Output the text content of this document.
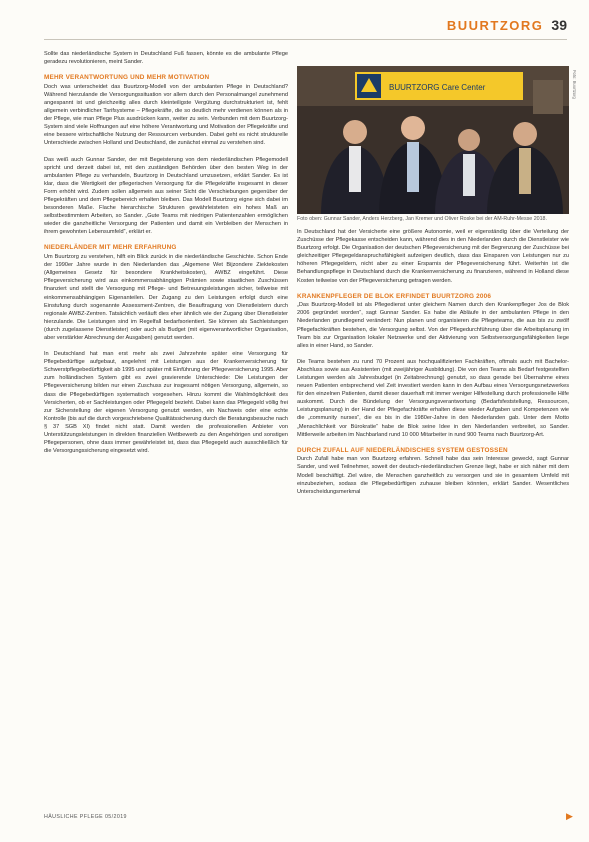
BUURTZORG 39

Sollte das niederländische System in Deutschland Fuß fassen, könnte es die ambulante Pflege geradezu revolutionieren, meint Sander.

MEHR VERANTWORTUNG UND MEHR MOTIVATION

Doch was unterscheidet das Buurtzorg-Modell von der ambulanten Pflege in Deutschland? Während hierzulande die Versorgungssituation vor allem durch den Personalmangel zunehmend angespannt ist und gleichzeitig alles durch kleinteiligste Vergütung durchstrukturiert ist, fehlt allgemein verbindlicher Tarifsysteme – Pflegekräfte, die so deutlich mehr verdienen können als in der Pflege, wie man Pflege Plus ausdrücken kann, weiter zu sein. Verbunden mit dem Buurtzorg-System sind viele Hoffnungen auf eine höhere Verantwortung und Motivation der Pflegekräfte und eine bessere wirtschaftliche Nutzung der Ressourcen verbunden. Dabei geht es nicht strukturelle Unterschiede zwischen Holland und Deutschland, die zunächst einmal zu verstehen sind.

Das weiß auch Gunnar Sander, der mit Begeisterung von dem niederländischen Pflegemodell spricht und derzeit dabei ist, mit den zuständigen Behörden über den besten Weg in der ambulanten Pflege zu verhandeln, Buurtzorg in Deutschland umzusetzen, erklärt Sander. Es ist klar, dass die Wertigkeit der pflegerischen Versorgung für die Pflegekräfte insgesamt in dieser Form erhöht wird. Zudem sollen allgemein aus seiner Sicht die Verschiebungen gegenüber der Pflegekräften und dem Pflegebereich erhalten bleiben. Das Modell Buurtzorg eigne sich dabei im besonderen Maße. Flache hierarchische Strukturen gewährleisteten ein hohes Maß an selbstbestimmtem Arbeiten, so Sander. „Gute Teams mit niedrigen Patientenzahlen ermöglichen wieder die ganzheitliche Versorgung der Patienten und damit ein Verbleiben der Menschen in ihrem gewohnten Lebensumfeld“, erklärt er.

NIEDERLÄNDER MIT MEHR ERFAHRUNG

Um Buurtzorg zu verstehen, hilft ein Blick zurück in die niederländische Geschichte. Schon Ende der 1990er Jahre wurde in den Niederlanden das „Algemene Wet Bijzondere Ziektekosten (Allgemeines Gesetz für besondere Krankheitskosten), AWBZ eingeführt. Diese Pflegeversicherung wird aus einkommensabhängigen Prämien sowie staatlichen Zuschüssen finanziert und stellt die Versorgung mit Pflege- und Betreuungsleistungen sicher, teilweise mit einkommensabhängigen Eigenanteilen. Der Zugang zu den Leistungen erfolgt durch eine Einstufung durch sogenannte Assessment-Zentren, die Beauftragung von Dienstleistern durch regionale AWBZ-Zentren. Tatsächlich verläuft dies eher ähnlich wie der Zugang über Dienstleister hierzulande. Die Leistungen sind im Regelfall bedarfsorientiert. Sie können als Sachleistungen (durch zugelassene Dienstleister) oder auch als Budget (mit eigenverantwortlicher Organisation, aber verstärkter Abrechnung der Ausgaben) genutzt werden.

In Deutschland hat man erst mehr als zwei Jahrzehnte später eine Versorgung für Pflegebedürftige aufgebaut, angelehnt mit Leistungen aus der Krankenversicherung für Schwerstpflegebedürftigkeit ab 1995 und später mit Einführung der Pflegeversicherung 1995. Aber zum holländischen System gibt es zwei gravierende Unterschiede: Die Leistungen der Pflegeversicherung bilden nur einen Zuschuss zur insgesamt nötigen Versorgung, allgemein, so dass die Pflegebedürftigen systematisch vorgesehen. Hinzu kommt die Wahlmöglichkeit des Versicherten, ob er Sachleistungen oder Pflegegeld bezieht. Dabei kann das Pflegegeld völlig frei zur Sicherstellung der eigenen Versorgung genutzt werden, ein Nachweis oder eine echte Kontrolle (bis auf die durch vorgeschriebene Qualitätssicherung durch die Beratungsbesuche nach § 37 SGB XI) findet nicht statt. Damit werden die professionellen Anbieter von Unterstützungsleistungen in direkten finanziellen Wettbewerb zu den Angehörigen und sonstigen Pflegepersonen, ohne dass immer gewährleistet ist, dass das Pflegegeld auch ausschließlich für die Versorgungssicherung eingesetzt wird.

BUURTZORG Care Center	Foto: Buurtzorg
Foto oben: Gunnar Sander, Anders Herzberg, Jan Kremer und Oliver Roske bei der AM-Ruhr-Messe 2018.

In Deutschland hat der Versicherte eine größere Autonomie, weil er eigenständig über die Verteilung der Zuschüsse der Pflegekasse entscheiden kann, während dies in den Niederlanden durch die Dienstleister wie Buurtzorg erfolgt. Die Organisation der deutschen Pflegeversicherung mit der Begrenzung der Zuschüsse bei gleichzeitiger Pflegegeldanspruchsfähigkeit aufzeigen deutlich, dass das Einsparen von Leistungen nur zu höheren Pflegegeldern, nicht aber zu einer Ersparnis der Pflegeversicherung führt. Weiterhin ist die Behandlungspflege in Deutschland durch die Krankenversicherung zu finanzieren, während in Holland diese Kosten teilweise von der Pflegeversicherung getragen werden.

KRANKENPFLEGER DE BLOK ERFINDET BUURTZORG 2006

„Das Buurtzorg-Modell ist als Pflegedienst unter gleichem Namen durch den Krankenpfleger Jos de Blok 2006 gegründet worden“, sagt Gunnar Sander. Es habe die Abläufe in der ambulanten Pflege in den Niederlanden grundlegend verändert: Nun planen und organisieren die Pflegeteams, die aus bis zu zwölf Pflegefachkräften bestehen, die Versorgung selbst. Von der Pflegedurchführung über die Arbeitsplanung im Team bis zur Organisation lokaler Netzwerke und der Aktivierung von Selbstversorgungsfähigkeiten liege alles in einer Hand, so Sander.

Die Teams bestehen zu rund 70 Prozent aus hochqualifizierten Fachkräften, oftmals auch mit Bachelor-Abschluss sowie aus Assistenten (mit zweijähriger Ausbildung). Die von den Teams als Bedarf festgestellten Leistungen werden als Jahresbudget (in Zeitabrechnung) genutzt, so dass gerade bei Übernahme eines neuen Patienten entsprechend viel Zeit investiert werden kann in den Aufbau eines Versorgungsnetzwerkes für den einzelnen Patienten, damit dieser dauerhaft mit immer weniger Hilfestellung durch professionelle Hilfe auskommt. Durch die Bündelung der Versorgungsverantwortung (Bedarfsfeststellung, Ressourcen, Leistungsplanung) in der Hand der Pflegefachkräfte erhalten diese wieder Aufgaben und Kompetenzen wie die „community nurses“, die es bis in die 1980er-Jahre in den Niederlanden gab. Unter dem Motto „Menschlichkeit vor Bürokratie“ habe de Blok seine Idee in den Niederlanden verbreitet, so Sander. Mittlerweile arbeiten im Nachbarland rund 10 000 Mitarbeiter in rund 900 Teams nach Buurtzorg-Art.

DURCH ZUFALL AUF NIEDERLÄNDISCHES SYSTEM GESTOSSEN

Durch Zufall habe man von Buurtzorg erfahren. Schnell habe das sein Interesse geweckt, sagt Gunnar Sander, und weil Teilnehmer, soweit der deutsch-niederländischen Grenze liegt, habe er sich näher mit dem Modell beschäftigt. Ziel wäre, die Menschen ganzheitlich zu versorgen und sie in gesamtem Umfeld mit einzubeziehen, sodass die Pflegebedürftigen zuhause bleiben könnten, erklärt Sander. Wesentliches Unterscheidungsmerkmal

HÄUSLICHE PFLEGE 05/2019	▶
